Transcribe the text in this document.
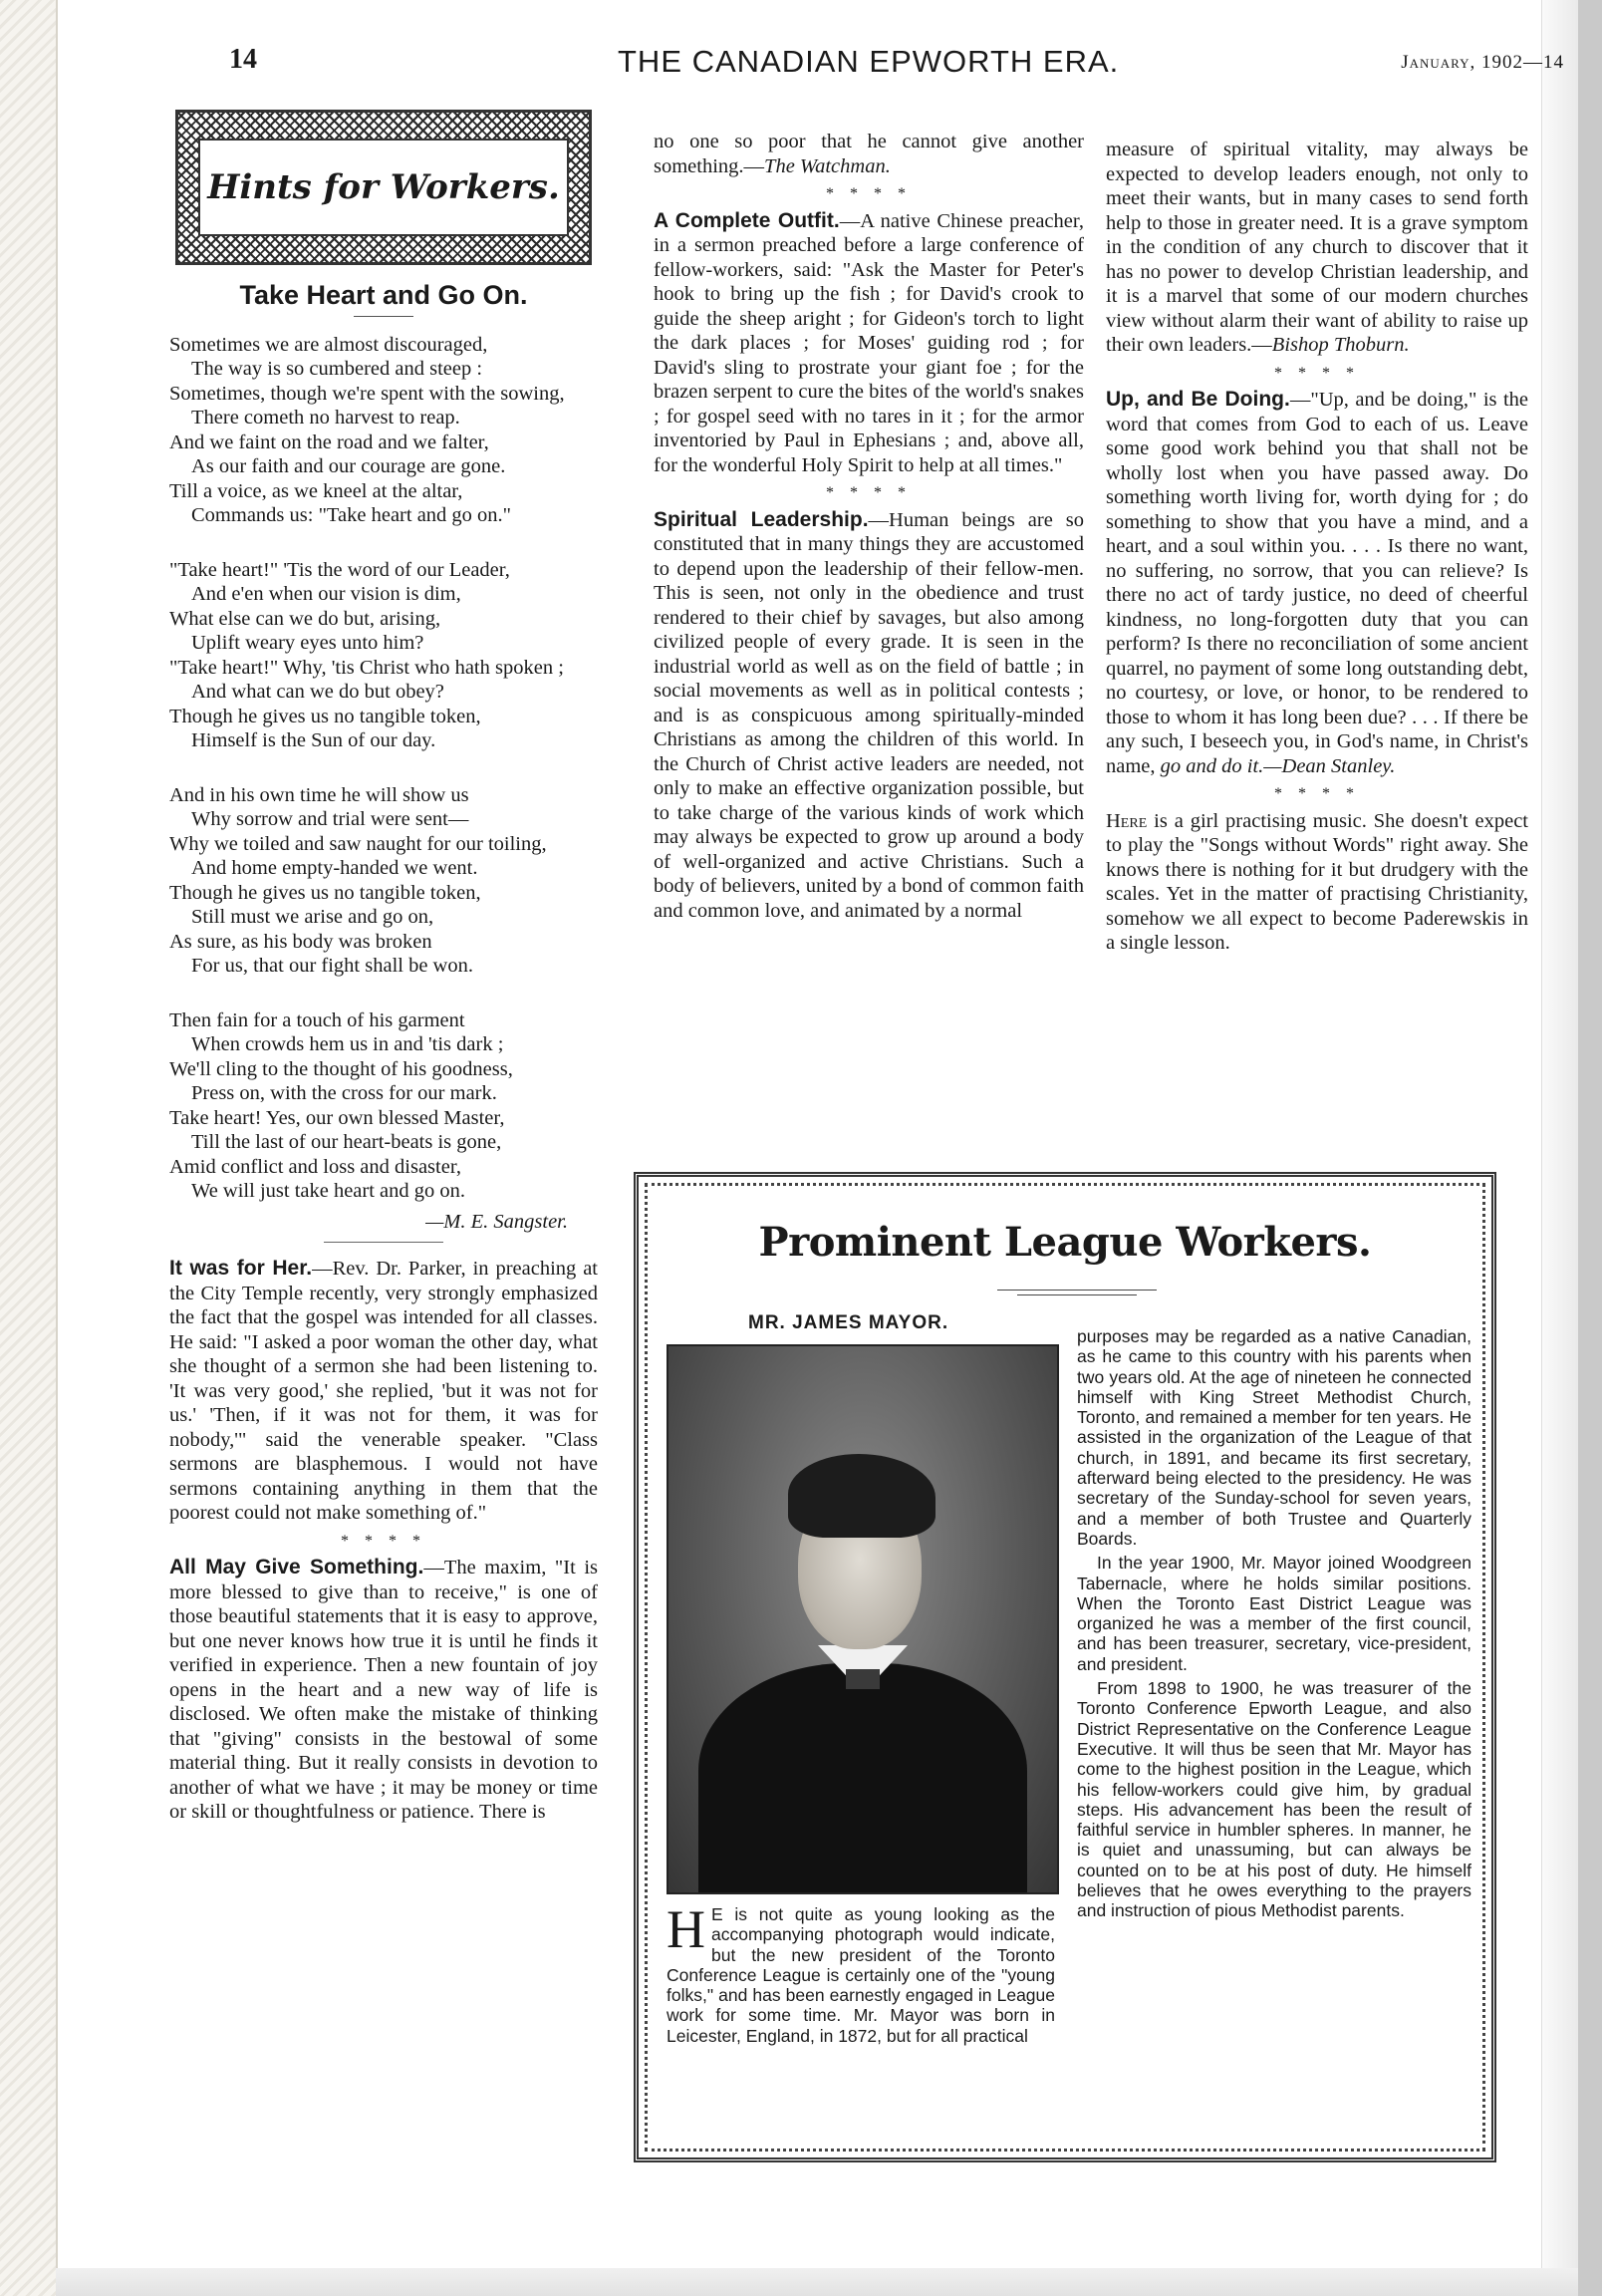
14	THE CANADIAN EPWORTH ERA.	January, 1902—14
Hints for Workers.
Take Heart and Go On.
Sometimes we are almost discouraged,
The way is so cumbered and steep :
Sometimes, though we're spent with the sowing,
There cometh no harvest to reap.
And we faint on the road and we falter,
As our faith and our courage are gone.
Till a voice, as we kneel at the altar,
Commands us: "Take heart and go on."
"Take heart!" 'Tis the word of our Leader,
And e'en when our vision is dim,
What else can we do but, arising,
Uplift weary eyes unto him?
"Take heart!" Why, 'tis Christ who hath spoken ;
And what can we do but obey?
Though he gives us no tangible token,
Himself is the Sun of our day.
And in his own time he will show us
Why sorrow and trial were sent—
Why we toiled and saw naught for our toiling,
And home empty-handed we went.
Though he gives us no tangible token,
Still must we arise and go on,
As sure, as his body was broken
For us, that our fight shall be won.
Then fain for a touch of his garment
When crowds hem us in and 'tis dark ;
We'll cling to the thought of his goodness,
Press on, with the cross for our mark.
Take heart! Yes, our own blessed Master,
Till the last of our heart-beats is gone,
Amid conflict and loss and disaster,
We will just take heart and go on.
—M. E. Sangster.

It was for Her.—Rev. Dr. Parker, in preaching at the City Temple recently, very strongly emphasized the fact that the gospel was intended for all classes. He said: "I asked a poor woman the other day, what she thought of a sermon she had been listening to. 'It was very good,' she replied, 'but it was not for us.' 'Then, if it was not for them, it was for nobody,'" said the venerable speaker. "Class sermons are blasphemous. I would not have sermons containing anything in them that the poorest could not make something of."

* * * *

All May Give Something.—The maxim, "It is more blessed to give than to receive," is one of those beautiful statements that it is easy to approve, but one never knows how true it is until he finds it verified in experience. Then a new fountain of joy opens in the heart and a new way of life is disclosed. We often make the mistake of thinking that "giving" consists in the bestowal of some material thing. But it really consists in devotion to another of what we have ; it may be money or time or skill or thoughtfulness or patience. There is

no one so poor that he cannot give another something.—The Watchman.

* * * *

A Complete Outfit.—A native Chinese preacher, in a sermon preached before a large conference of fellow-workers, said: "Ask the Master for Peter's hook to bring up the fish ; for David's crook to guide the sheep aright ; for Gideon's torch to light the dark places ; for Moses' guiding rod ; for David's sling to prostrate your giant foe ; for the brazen serpent to cure the bites of the world's snakes ; for gospel seed with no tares in it ; for the armor inventoried by Paul in Ephesians ; and, above all, for the wonderful Holy Spirit to help at all times."

* * * *

Spiritual Leadership.—Human beings are so constituted that in many things they are accustomed to depend upon the leadership of their fellow-men. This is seen, not only in the obedience and trust rendered to their chief by savages, but also among civilized people of every grade. It is seen in the industrial world as well as on the field of battle ; in social movements as well as in political contests ; and is as conspicuous among spiritually-minded Christians as among the children of this world. In the Church of Christ active leaders are needed, not only to make an effective organization possible, but to take charge of the various kinds of work which may always be expected to grow up around a body of well-organized and active Christians. Such a body of believers, united by a bond of common faith and common love, and animated by a normal

measure of spiritual vitality, may always be expected to develop leaders enough, not only to meet their wants, but in many cases to send forth help to those in greater need. It is a grave symptom in the condition of any church to discover that it has no power to develop Christian leadership, and it is a marvel that some of our modern churches view without alarm their want of ability to raise up their own leaders.—Bishop Thoburn.

* * * *

Up, and Be Doing.—"Up, and be doing," is the word that comes from God to each of us. Leave some good work behind you that shall not be wholly lost when you have passed away. Do something worth living for, worth dying for ; do something to show that you have a mind, and a heart, and a soul within you. . . . Is there no want, no suffering, no sorrow, that you can relieve? Is there no act of tardy justice, no deed of cheerful kindness, no long-forgotten duty that you can perform? Is there no reconciliation of some ancient quarrel, no payment of some long outstanding debt, no courtesy, or love, or honor, to be rendered to those to whom it has long been due? . . . If there be any such, I beseech you, in God's name, in Christ's name, go and do it.—Dean Stanley.

* * * *

Here is a girl practising music. She doesn't expect to play the "Songs without Words" right away. She knows there is nothing for it but drudgery with the scales. Yet in the matter of practising Christianity, somehow we all expect to become Paderewskis in a single lesson.

Prominent League Workers.
MR. JAMES MAYOR.
H E is not quite as young looking as the accompanying photograph would indicate, but the new president of the Toronto Conference League is certainly one of the "young folks," and has been earnestly engaged in League work for some time. Mr. Mayor was born in Leicester, England, in 1872, but for all practical

purposes may be regarded as a native Canadian, as he came to this country with his parents when two years old. At the age of nineteen he connected himself with King Street Methodist Church, Toronto, and remained a member for ten years. He assisted in the organization of the League of that church, in 1891, and became its first secretary, afterward being elected to the presidency. He was secretary of the Sunday-school for seven years, and a member of both Trustee and Quarterly Boards.

In the year 1900, Mr. Mayor joined Woodgreen Tabernacle, where he holds similar positions. When the Toronto East District League was organized he was a member of the first council, and has been treasurer, secretary, vice-president, and president.

From 1898 to 1900, he was treasurer of the Toronto Conference Epworth League, and also District Representative on the Conference League Executive. It will thus be seen that Mr. Mayor has come to the highest position in the League, which his fellow-workers could give him, by gradual steps. His advancement has been the result of faithful service in humbler spheres. In manner, he is quiet and unassuming, but can always be counted on to be at his post of duty. He himself believes that he owes everything to the prayers and instruction of pious Methodist parents.
